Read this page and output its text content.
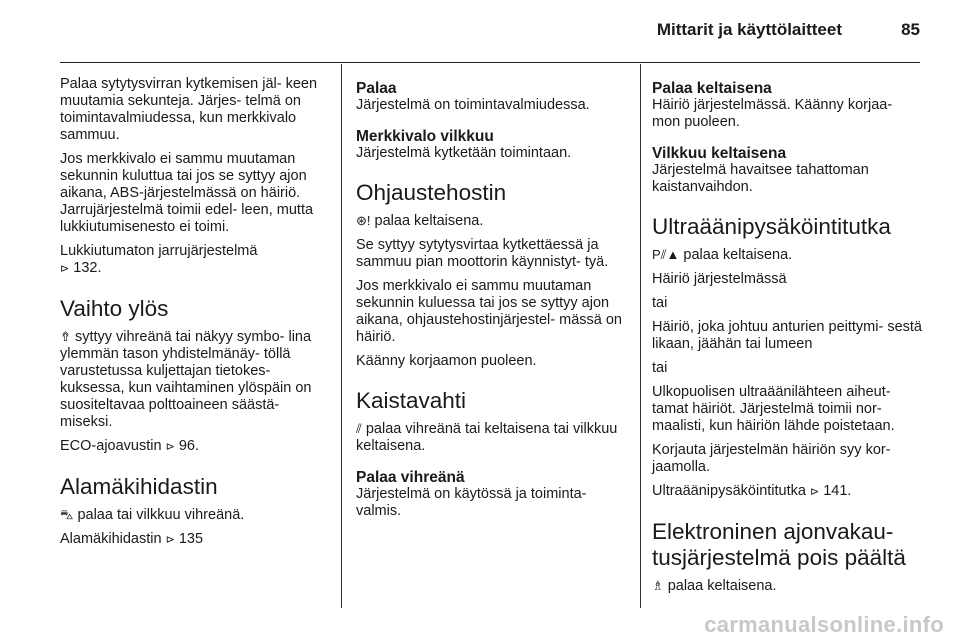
Mittarit ja käyttölaitteet	85

Palaa sytytysvirran kytkemisen jäl- keen muutamia sekunteja. Järjes- telmä on toimintavalmiudessa, kun merkkivalo sammuu.

Jos merkkivalo ei sammu muutaman sekunnin kuluttua tai jos se syttyy ajon aikana, ABS-järjestelmässä on häiriö. Jarrujärjestelmä toimii edel- leen, mutta lukkiutumisenesto ei toimi.

Lukkiutumaton jarrujärjestelmä
⊳ 132.

Vaihto ylös

⇮ syttyy vihreänä tai näkyy symbo- lina ylemmän tason yhdistelmänäy- töllä varustetussa kuljettajan tietokes- kuksessa, kun vaihtaminen ylöspäin on suositeltavaa polttoaineen säästä- miseksi.

ECO-ajoavustin ⊳ 96.

Alamäkihidastin

⛍ palaa tai vilkkuu vihreänä.

Alamäkihidastin ⊳ 135

Palaa

Järjestelmä on toimintavalmiudessa.

Merkkivalo vilkkuu

Järjestelmä kytketään toimintaan.

Ohjaustehostin

⊛! palaa keltaisena.

Se syttyy sytytysvirtaa kytkettäessä ja sammuu pian moottorin käynnistyt- tyä.

Jos merkkivalo ei sammu muutaman sekunnin kuluessa tai jos se syttyy ajon aikana, ohjaustehostinjärjestel- mässä on häiriö.

Käänny korjaamon puoleen.

Kaistavahti

⫽ palaa vihreänä tai keltaisena tai vilkkuu keltaisena.

Palaa vihreänä

Järjestelmä on käytössä ja toiminta- valmis.

Palaa keltaisena

Häiriö järjestelmässä. Käänny korjaa- mon puoleen.

Vilkkuu keltaisena

Järjestelmä havaitsee tahattoman kaistanvaihdon.

Ultraäänipysäköintitutka

P⫽▲ palaa keltaisena.

Häiriö järjestelmässä

tai

Häiriö, joka johtuu anturien peittymi- sestä likaan, jäähän tai lumeen

tai

Ulkopuolisen ultraäänilähteen aiheut- tamat häiriöt. Järjestelmä toimii nor- maalisti, kun häiriön lähde poistetaan.

Korjauta järjestelmän häiriön syy kor- jaamolla.

Ultraäänipysäköintitutka ⊳ 141.

Elektroninen ajonvakau- tusjärjestelmä pois päältä

♗ palaa keltaisena.

carmanualsonline.info
